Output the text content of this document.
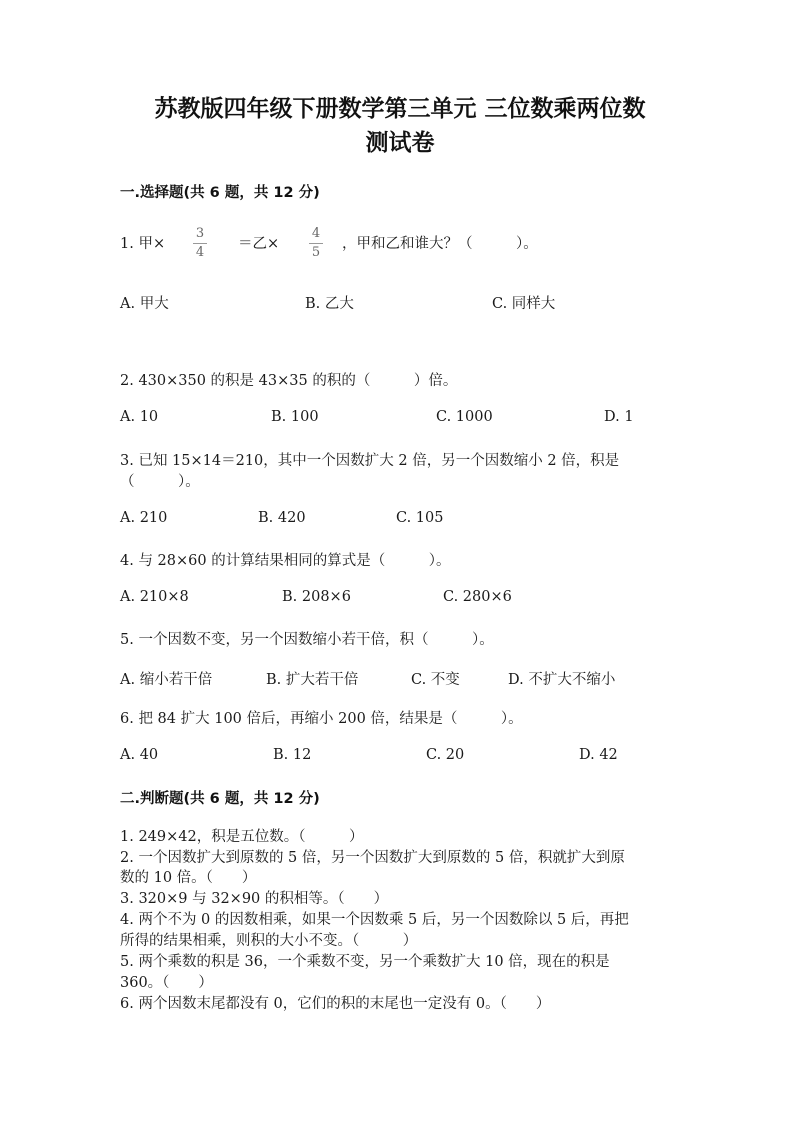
苏教版四年级下册数学第三单元 三位数乘两位数
测试卷
一.选择题(共 6 题，共 12 分)
1. 甲×
3
4
＝乙×
4
5
，甲和乙和谁大？（　　　）。
A. 甲大	B. 乙大	C. 同样大
2. 430×350 的积是 43×35 的积的（　　　）倍。
A. 10	B. 100	C. 1000	D. 1
3. 已知 15×14＝210，其中一个因数扩大 2 倍，另一个因数缩小 2 倍，积是
（　　　）。
A. 210	B. 420	C. 105
4. 与 28×60 的计算结果相同的算式是（　　　）。
A. 210×8	B. 208×6	C. 280×6
5. 一个因数不变，另一个因数缩小若干倍，积（　　　）。
A. 缩小若干倍	B. 扩大若干倍	C. 不变	D. 不扩大不缩小
6. 把 84 扩大 100 倍后，再缩小 200 倍，结果是（　　　）。
A. 40	B. 12	C. 20	D. 42
二.判断题(共 6 题，共 12 分)
1. 249×42，积是五位数。（　　　）
2. 一个因数扩大到原数的 5 倍，另一个因数扩大到原数的 5 倍，积就扩大到原
数的 10 倍。（　　）
3. 320×9 与 32×90 的积相等。（　　）
4. 两个不为 0 的因数相乘，如果一个因数乘 5 后，另一个因数除以 5 后，再把
所得的结果相乘，则积的大小不变。（　　　）
5. 两个乘数的积是 36，一个乘数不变，另一个乘数扩大 10 倍，现在的积是
360。（　　）
6. 两个因数末尾都没有 0，它们的积的末尾也一定没有 0。（　　）
